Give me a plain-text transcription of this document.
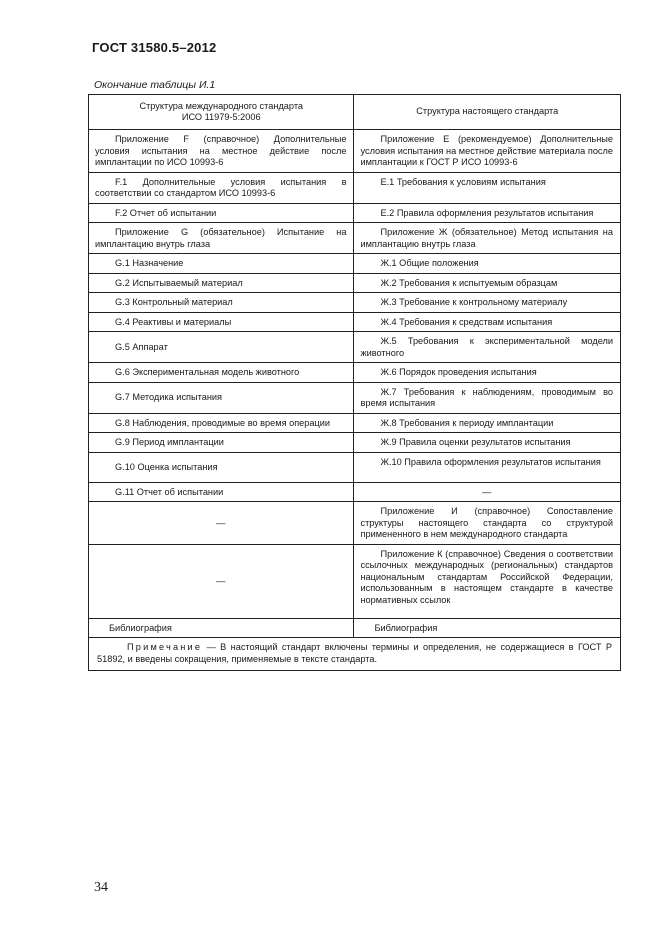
ГОСТ 31580.5–2012
Окончание таблицы И.1
Структура международного стандарта
ИСО 11979-5:2006	Структура настоящего стандарта
Приложение F (справочное) Дополнительные условия испытания на местное действие после имплантации по ИСО 10993-6	Приложение Е (рекомендуемое) Дополнительные условия испытания на местное действие материала после имплантации к ГОСТ Р ИСО 10993-6
F.1 Дополнительные условия испытания в соответствии со стандартом ИСО 10993-6	Е.1 Требования к условиям испытания
F.2 Отчет об испытании	Е.2 Правила оформления результатов испытания
Приложение G (обязательное) Испытание на имплантацию внутрь глаза	Приложение Ж (обязательное) Метод испытания на имплантацию внутрь глаза
G.1 Назначение	Ж.1 Общие положения
G.2 Испытываемый материал	Ж.2 Требования к испытуемым образцам
G.3 Контрольный материал	Ж.3 Требование к контрольному материалу
G.4 Реактивы и материалы	Ж.4 Требования к средствам испытания
G.5 Аппарат	Ж.5 Требования к экспериментальной модели животного
G.6 Экспериментальная модель животного	Ж.6 Порядок проведения испытания
G.7 Методика испытания	Ж.7 Требования к наблюдениям, проводимым во время испытания
G.8 Наблюдения, проводимые во время операции	Ж.8 Требования к периоду имплантации
G.9 Период имплантации	Ж.9 Правила оценки результатов испытания
G.10 Оценка испытания	Ж.10 Правила оформления результатов испытания
G.11 Отчет об испытании	—
—	Приложение И (справочное) Сопоставление структуры настоящего стандарта со структурой примененного в нем международного стандарта
—	Приложение К (справочное) Сведения о соответствии ссылочных международных (региональных) стандартов национальным стандартам Российской Федерации, использованным в настоящем стандарте в качестве нормативных ссылок
Библиография	Библиография
Примечание — В настоящий стандарт включены термины и определения, не содержащиеся в ГОСТ Р 51892, и введены сокращения, применяемые в тексте стандарта.	
34
